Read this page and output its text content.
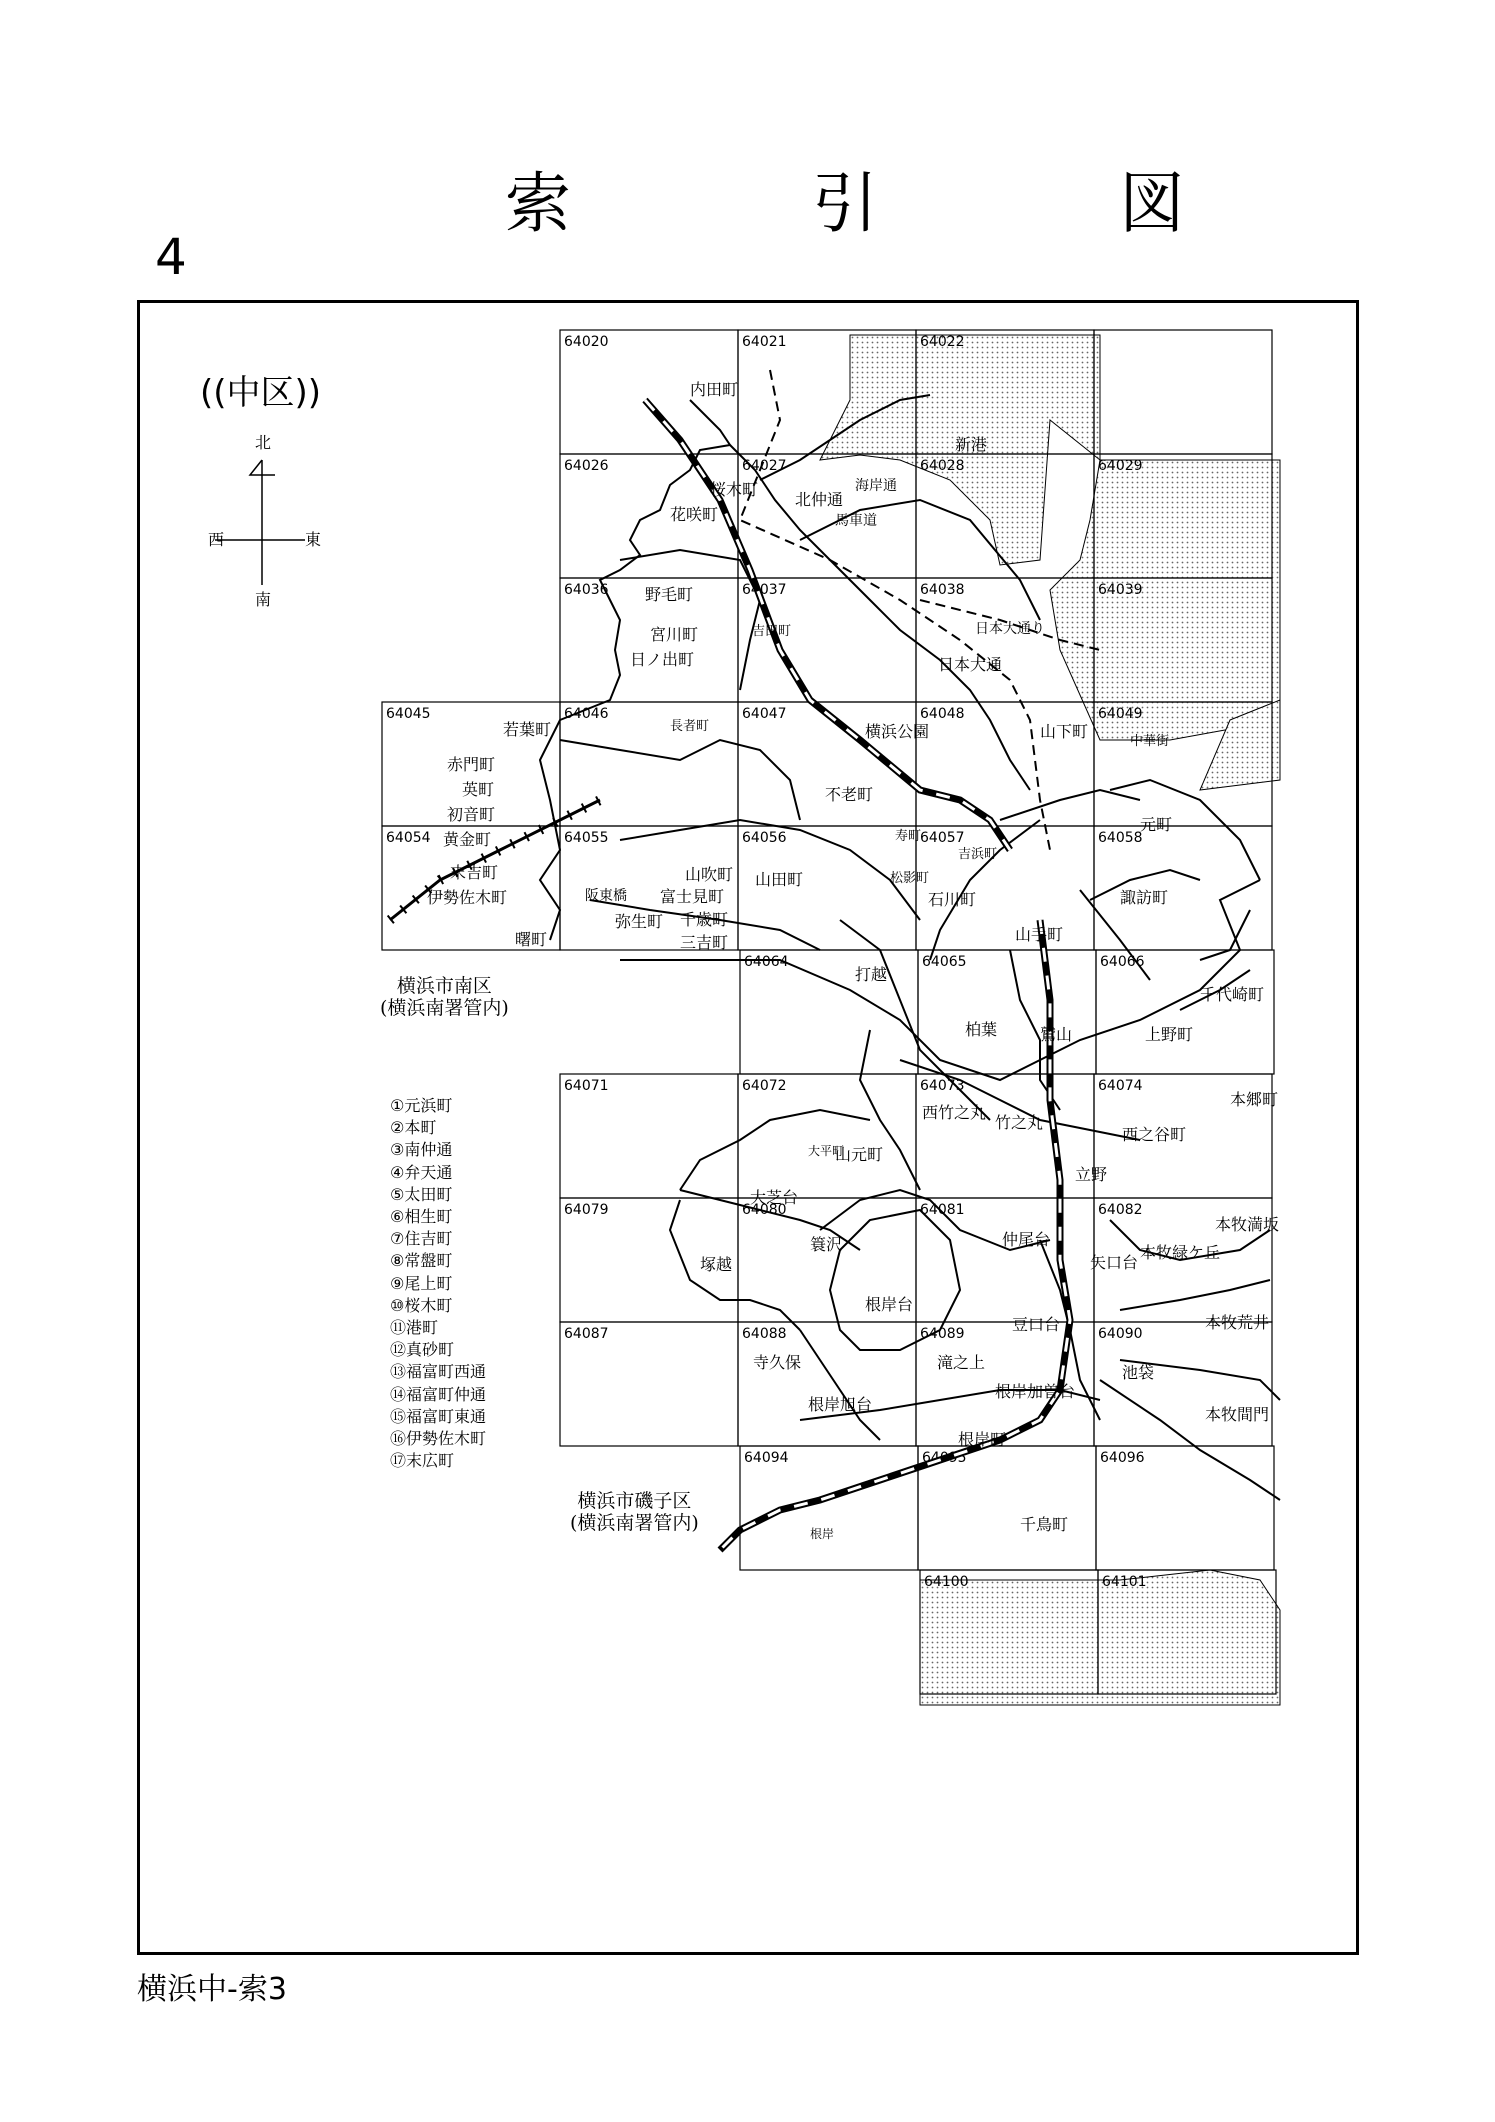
索 引 図
4
64020	64021	64022
64026	64027	64028	64029
64036	64037	64038	64039
64045	64046	64047	64048	64049
64054	64055	64056	64057	64058
64064	64065	64066
64071	64072	64073	64074
64079	64080	64081	64082
64087	64088	64089	64090
64094	64095	64096
64100	64101
北
南
西	東
内田町
新港
桜木町
花咲町
北仲通
海岸通
馬車道
野毛町
宮川町
日ノ出町
吉田町
日本大通
日本大通り
若葉町
赤門町
英町
初音町
長者町	横浜公園	山下町
元町
中華街
黄金町
末吉町
伊勢佐木町
曙町
阪東橋
弥生町
富士見町
千歳町
三吉町
山吹町 山田町
不老町
寿町
松影町
吉浜町
石川町	諏訪町
山手町
打越
柏葉	鷲山
千代崎町
上野町
本郷町
竹之丸
西竹之丸
大平町
山元町
大芝台
西之谷町
立野
塚越
簑沢
根岸台
仲尾台
矢口台
本牧緑ケ丘
本牧満坂
本牧荒井
豆口台
寺久保	滝之上
池袋
根岸加曽台
根岸旭台
根岸町
本牧間門
千鳥町
根岸
((中区))
横浜市南区
(横浜南署管内)
横浜市磯子区
(横浜南署管内)
①元浜町
②本町
③南仲通
④弁天通
⑤太田町
⑥相生町
⑦住吉町
⑧常盤町
⑨尾上町
⑩桜木町
⑪港町
⑫真砂町
⑬福富町西通
⑭福富町仲通
⑮福富町東通
⑯伊勢佐木町
⑰末広町
横浜中-索3
